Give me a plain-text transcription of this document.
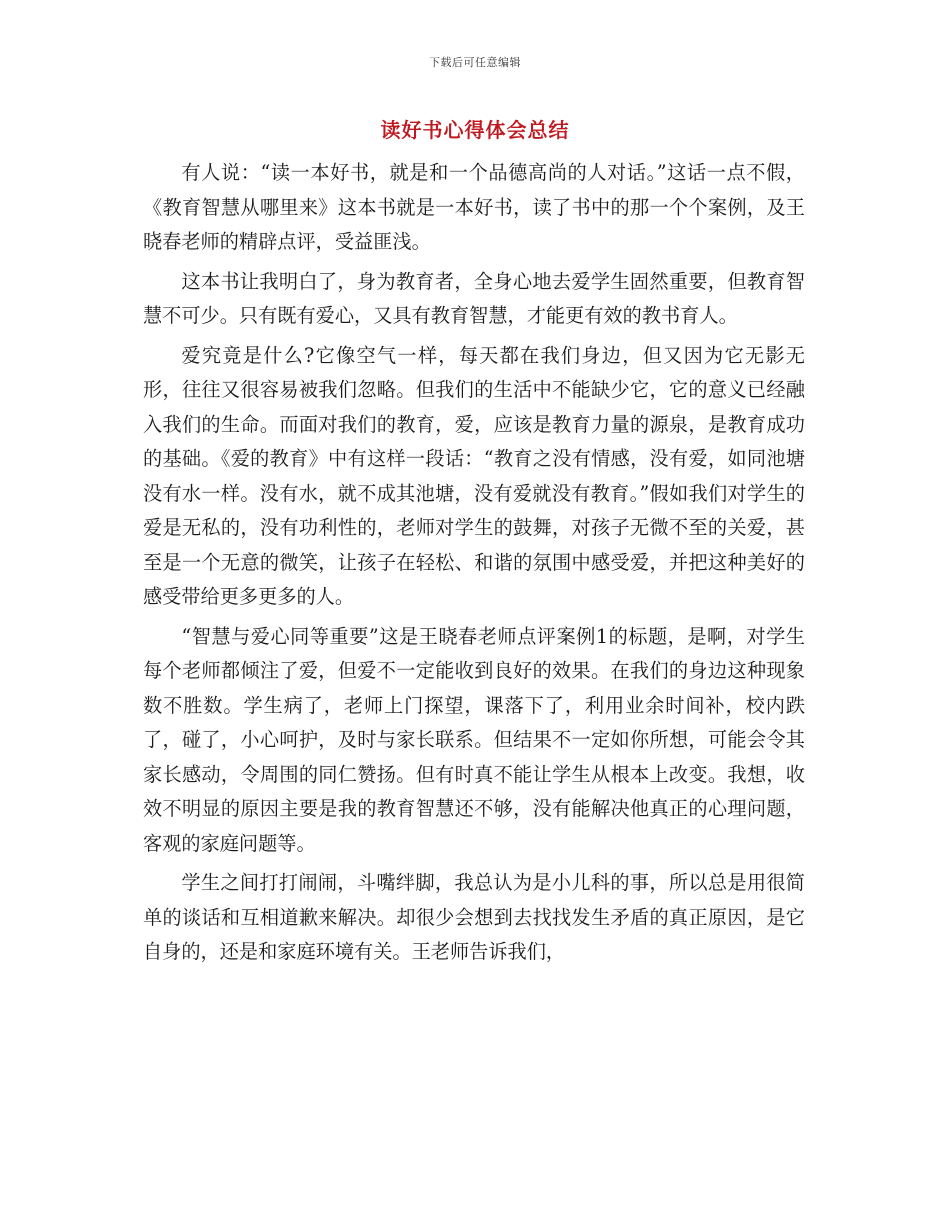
下载后可任意编辑
读好书心得体会总结

有人说：“读一本好书，就是和一个品德高尚的人对话。”这话一点不假，《教育智慧从哪里来》这本书就是一本好书，读了书中的那一个个案例，及王晓春老师的精辟点评，受益匪浅。

这本书让我明白了，身为教育者，全身心地去爱学生固然重要，但教育智慧不可少。只有既有爱心，又具有教育智慧，才能更有效的教书育人。

爱究竟是什么?它像空气一样，每天都在我们身边，但又因为它无影无形，往往又很容易被我们忽略。但我们的生活中不能缺少它，它的意义已经融入我们的生命。而面对我们的教育，爱，应该是教育力量的源泉，是教育成功的基础。《爱的教育》中有这样一段话：“教育之没有情感，没有爱，如同池塘没有水一样。没有水，就不成其池塘，没有爱就没有教育。”假如我们对学生的爱是无私的，没有功利性的，老师对学生的鼓舞，对孩子无微不至的关爱，甚至是一个无意的微笑，让孩子在轻松、和谐的氛围中感受爱，并把这种美好的感受带给更多更多的人。

“智慧与爱心同等重要”这是王晓春老师点评案例1的标题，是啊，对学生每个老师都倾注了爱，但爱不一定能收到良好的效果。在我们的身边这种现象数不胜数。学生病了，老师上门探望，课落下了，利用业余时间补，校内跌了，碰了，小心呵护，及时与家长联系。但结果不一定如你所想，可能会令其家长感动，令周围的同仁赞扬。但有时真不能让学生从根本上改变。我想，收效不明显的原因主要是我的教育智慧还不够，没有能解决他真正的心理问题，客观的家庭问题等。

学生之间打打闹闹，斗嘴绊脚，我总认为是小儿科的事，所以总是用很简单的谈话和互相道歉来解决。却很少会想到去找找发生矛盾的真正原因，是它自身的，还是和家庭环境有关。王老师告诉我们，
